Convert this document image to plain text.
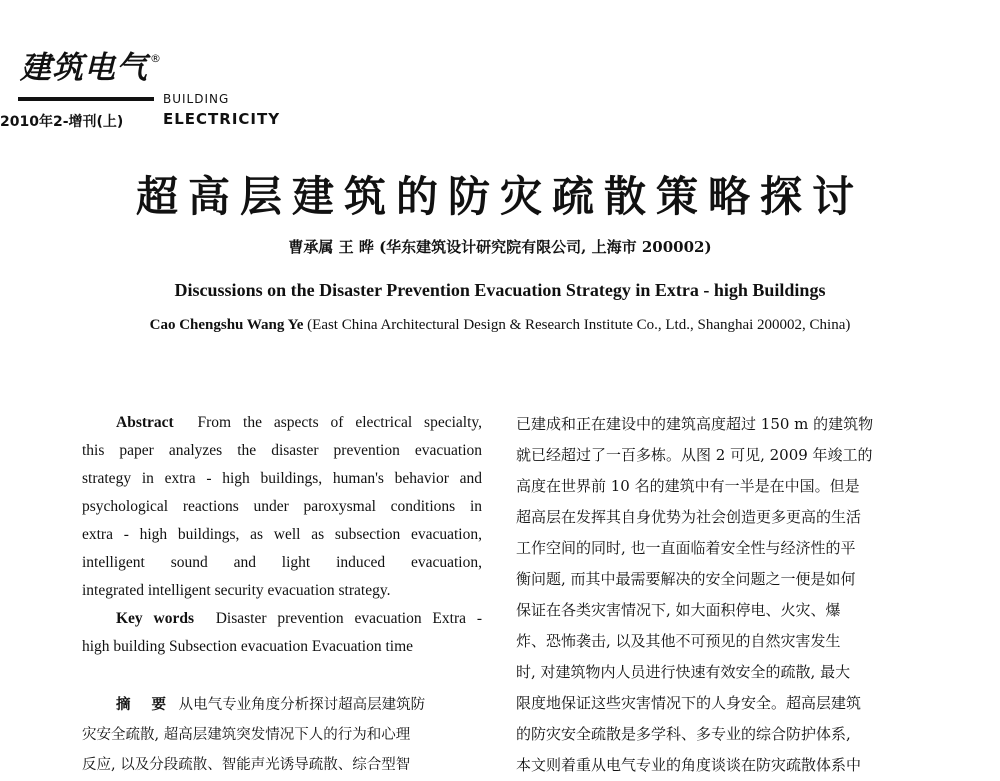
建筑电气 ®
BUILDING
ELECTRICITY
2010年2-增刊(上)
超高层建筑的防灾疏散策略探讨
曹承属 王 晔 (华东建筑设计研究院有限公司, 上海市 200002)
Discussions on the Disaster Prevention Evacuation Strategy in Extra - high Buildings
Cao Chengshu Wang Ye (East China Architectural Design & Research Institute Co., Ltd., Shanghai 200002, China)
Abstract From the aspects of electrical specialty,
this paper analyzes the disaster prevention evacuation
strategy in extra - high buildings, human's behavior and
psychological reactions under paroxysmal conditions in
extra - high buildings, as well as subsection evacuation,
intelligent sound and light induced evacuation,
integrated intelligent security evacuation strategy.
Key words Disaster prevention evacuation Extra -
high building Subsection evacuation Evacuation time
摘 要 从电气专业角度分析探讨超高层建筑防
灾安全疏散, 超高层建筑突发情况下人的行为和心理
反应, 以及分段疏散、智能声光诱导疏散、综合型智
已建成和正在建设中的建筑高度超过 150 m 的建筑物
就已经超过了一百多栋。从图 2 可见, 2009 年竣工的
高度在世界前 10 名的建筑中有一半是在中国。但是
超高层在发挥其自身优势为社会创造更多更高的生活
工作空间的同时, 也一直面临着安全性与经济性的平
衡问题, 而其中最需要解决的安全问题之一便是如何
保证在各类灾害情况下, 如大面积停电、火灾、爆
炸、恐怖袭击, 以及其他不可预见的自然灾害发生
时, 对建筑物内人员进行快速有效安全的疏散, 最大
限度地保证这些灾害情况下的人身安全。超高层建筑
的防灾安全疏散是多学科、多专业的综合防护体系,
本文则着重从电气专业的角度谈谈在防灾疏散体系中
